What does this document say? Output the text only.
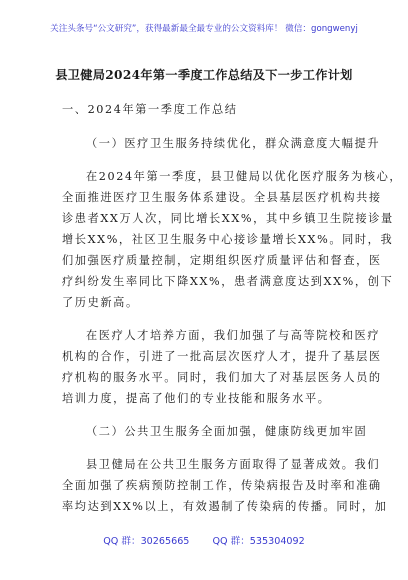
关注头条号“公文研究”，获得最新最全最专业的公文资料库！ 微信：gongwenyj
县卫健局2024年第一季度工作总结及下一步工作计划
一、2024年第一季度工作总结
（一）医疗卫生服务持续优化，群众满意度大幅提升
在2024年第一季度，县卫健局以优化医疗服务为核心，
全面推进医疗卫生服务体系建设。全县基层医疗机构共接
诊患者XX万人次，同比增长XX%，其中乡镇卫生院接诊量
增长XX%，社区卫生服务中心接诊量增长XX%。同时，我
们加强医疗质量控制，定期组织医疗质量评估和督查，医
疗纠纷发生率同比下降XX%，患者满意度达到XX%，创下
了历史新高。
在医疗人才培养方面，我们加强了与高等院校和医疗
机构的合作，引进了一批高层次医疗人才，提升了基层医
疗机构的服务水平。同时，我们加大了对基层医务人员的
培训力度，提高了他们的专业技能和服务水平。
（二）公共卫生服务全面加强，健康防线更加牢固
县卫健局在公共卫生服务方面取得了显著成效。我们
全面加强了疾病预防控制工作，传染病报告及时率和准确
率均达到XX%以上，有效遏制了传染病的传播。同时，加
QQ 群：30265665 QQ 群：535304092
